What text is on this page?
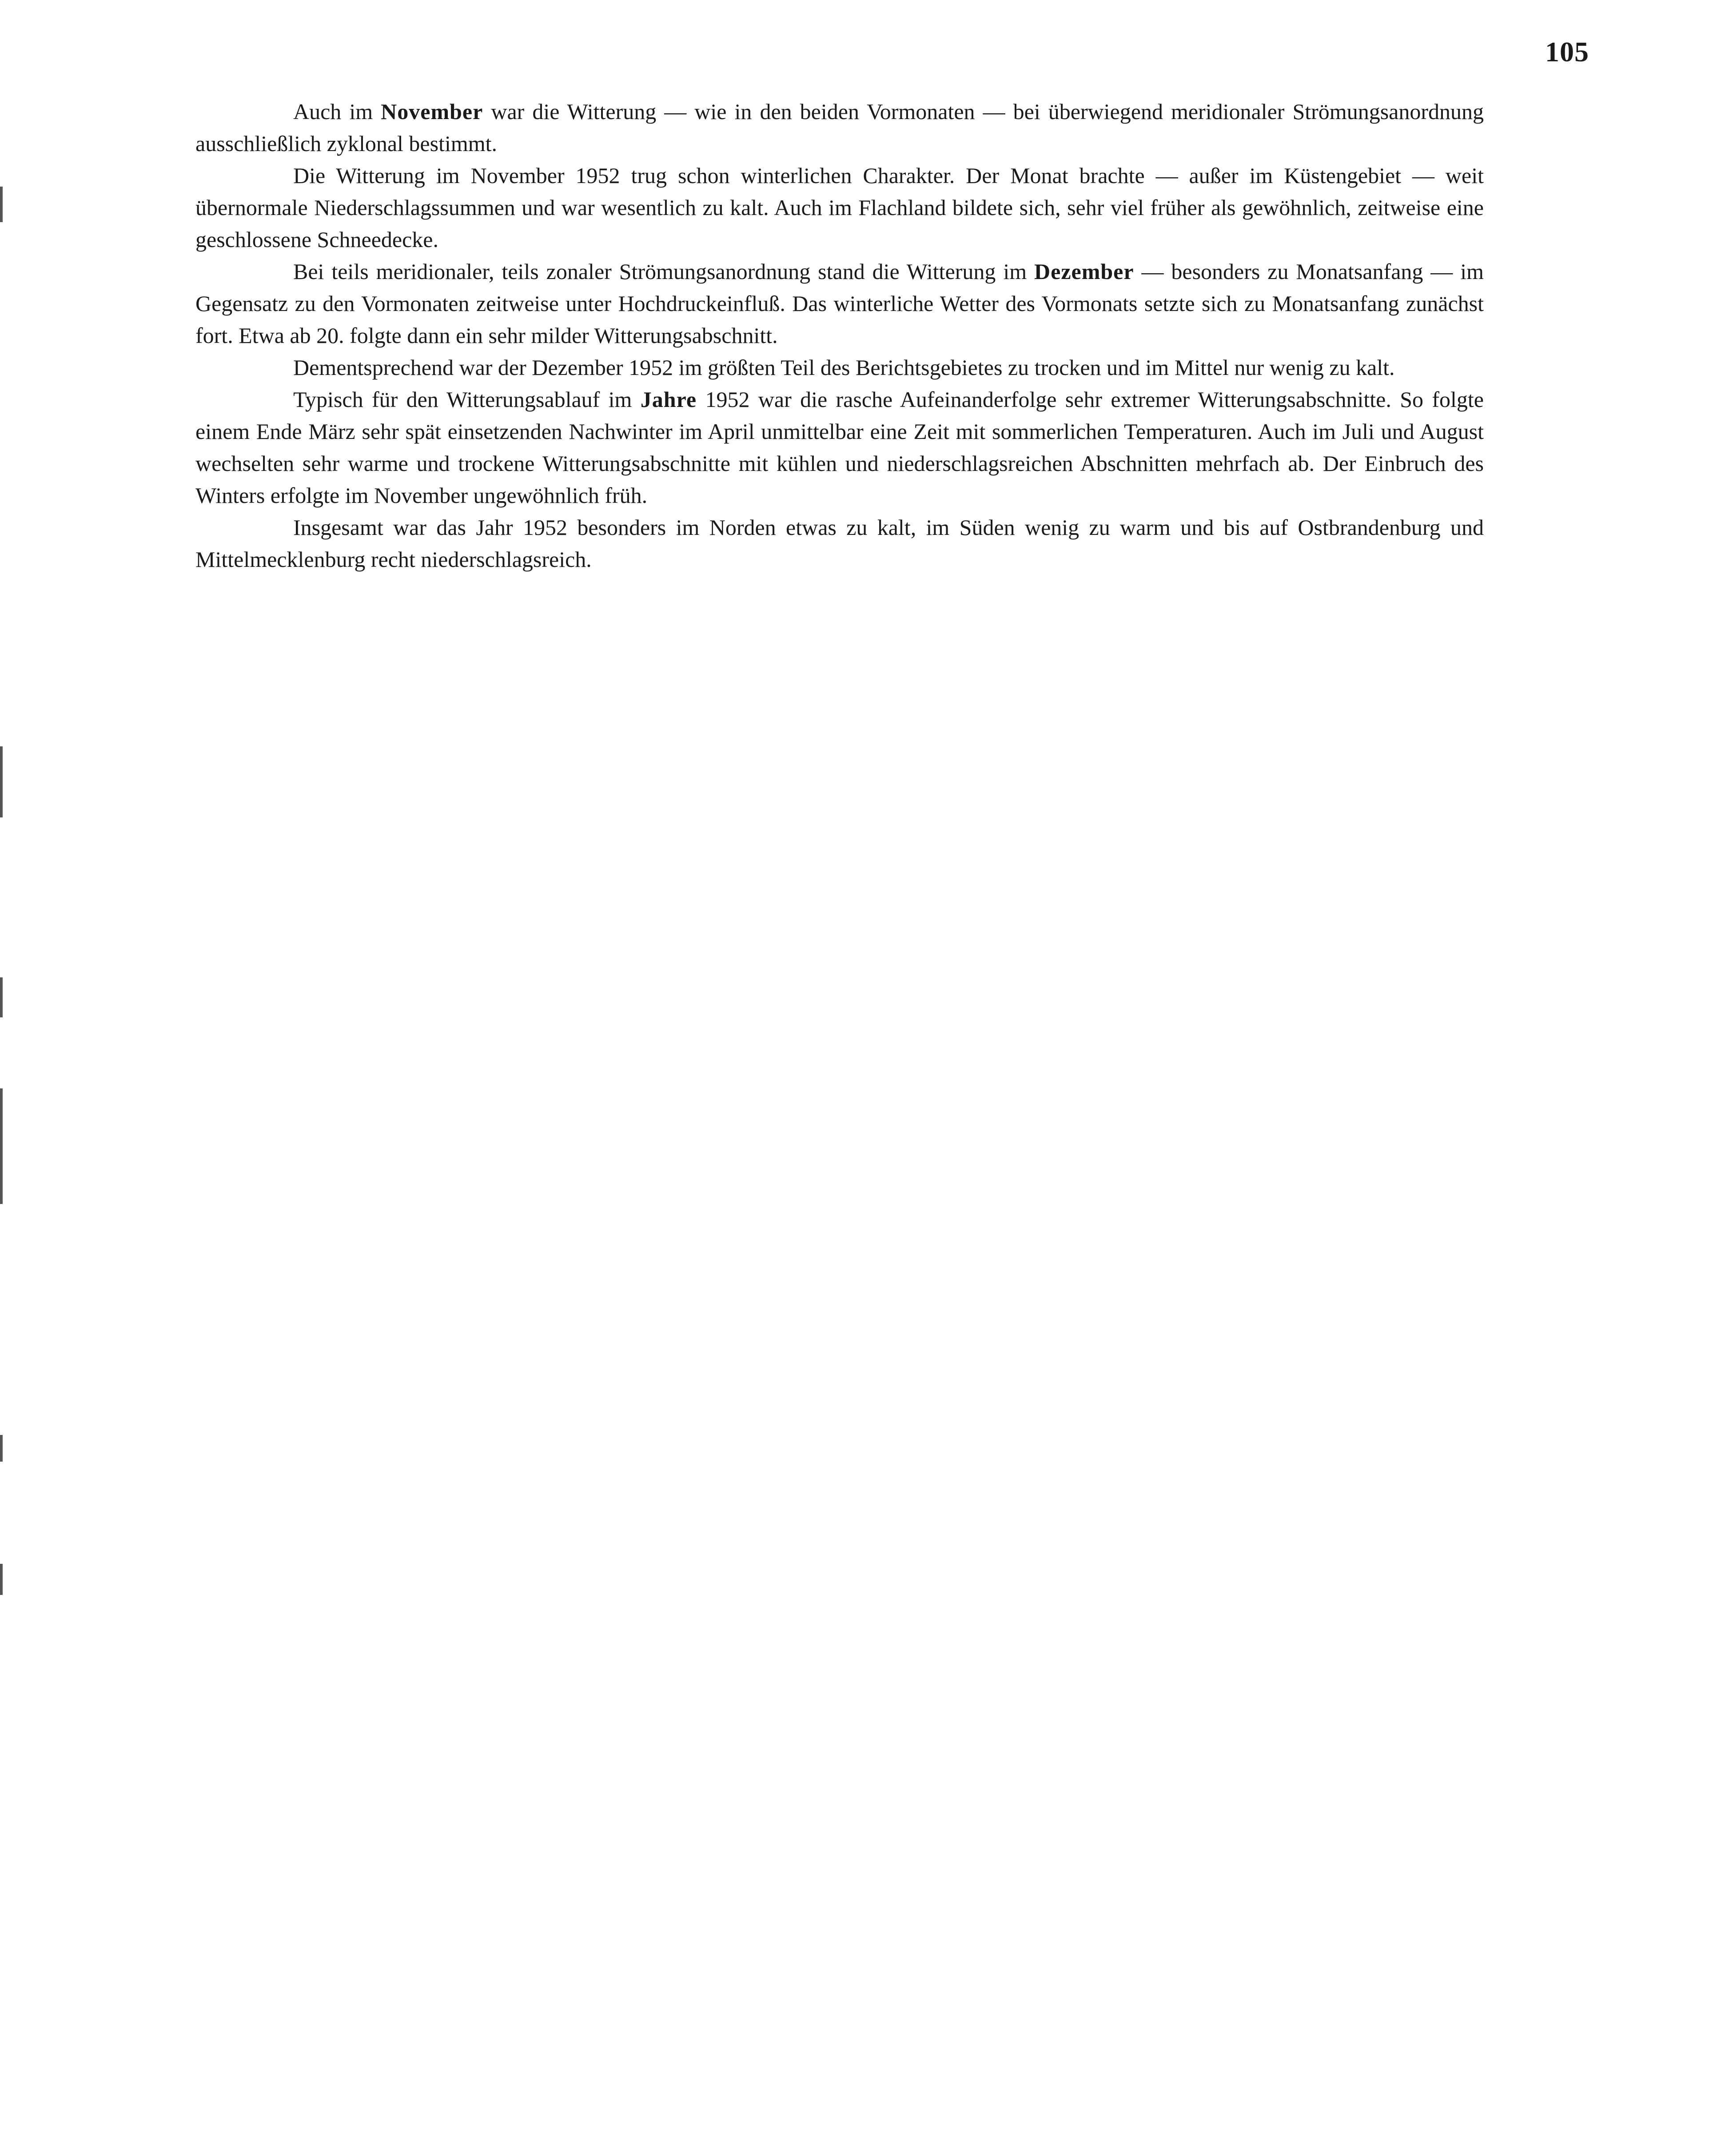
105

Auch im November war die Witterung — wie in den beiden Vormonaten — bei überwiegend meridionaler Strömungsanordnung ausschließlich zyklonal bestimmt.

Die Witterung im November 1952 trug schon winterlichen Charakter. Der Monat brachte — außer im Küstengebiet — weit übernormale Niederschlagssummen und war wesentlich zu kalt. Auch im Flachland bildete sich, sehr viel früher als gewöhnlich, zeitweise eine geschlossene Schneedecke.

Bei teils meridionaler, teils zonaler Strömungsanordnung stand die Witterung im Dezember — besonders zu Monatsanfang — im Gegensatz zu den Vormonaten zeitweise unter Hochdruckeinfluß. Das winterliche Wetter des Vormonats setzte sich zu Monatsanfang zunächst fort. Etwa ab 20. folgte dann ein sehr milder Witterungsabschnitt.

Dementsprechend war der Dezember 1952 im größten Teil des Berichtsgebietes zu trocken und im Mittel nur wenig zu kalt.

Typisch für den Witterungsablauf im Jahre 1952 war die rasche Aufeinanderfolge sehr extremer Witterungsabschnitte. So folgte einem Ende März sehr spät einsetzenden Nachwinter im April unmittelbar eine Zeit mit sommerlichen Temperaturen. Auch im Juli und August wechselten sehr warme und trockene Witterungsabschnitte mit kühlen und niederschlagsreichen Abschnitten mehrfach ab. Der Einbruch des Winters erfolgte im November ungewöhnlich früh.

Insgesamt war das Jahr 1952 besonders im Norden etwas zu kalt, im Süden wenig zu warm und bis auf Ostbrandenburg und Mittelmecklenburg recht niederschlagsreich.
